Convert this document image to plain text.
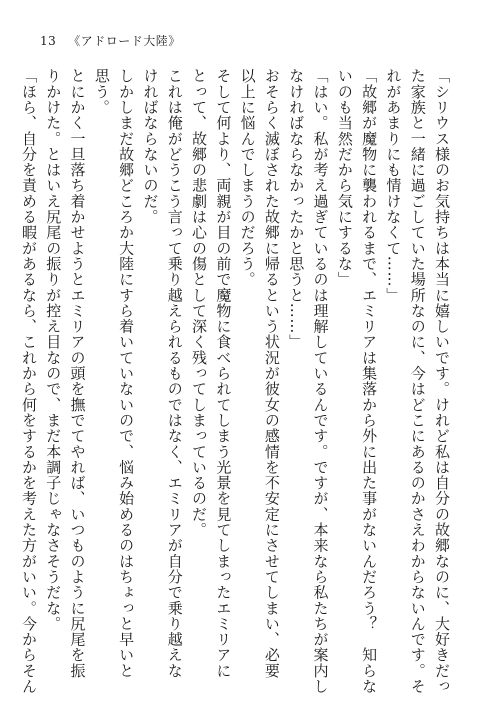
13 《アドロード大陸》
「シリウス様のお気持ちは本当に嬉しいです。けれど私は自分の故郷なのに、大好きだっ
た家族と一緒に過ごしていた場所なのに、今はどこにあるのかさえわからないんです。そ
れがあまりにも情けなくて……」
「故郷が魔物に襲われるまで、エミリアは集落から外に出た事がないんだろう？　知らな
いのも当然だから気にするな」
「はい。私が考え過ぎているのは理解しているんです。ですが、本来なら私たちが案内し
なければならなかったかと思うと……」
おそらく滅ぼされた故郷に帰るという状況が彼女の感情を不安定にさせてしまい、必要
以上に悩んでしまうのだろう。
そして何より、両親が目の前で魔物に食べられてしまう光景を見てしまったエミリアに
とって、故郷の悲劇は心の傷として深く残ってしまっているのだ。
これは俺がどうこう言って乗り越えられるものではなく、エミリアが自分で乗り越えな
ければならないのだ。
しかしまだ故郷どころか大陸にすら着いていないので、悩み始めるのはちょっと早いと
思う。
とにかく一旦落ち着かせようとエミリアの頭を撫でてやれば、いつものように尻尾を振
りかけた。とはいえ尻尾の振りが控え目なので、まだ本調子じゃなさそうだな。
「ほら、自分を責める暇があるなら、これから何をするかを考えた方がいい。今からそん
